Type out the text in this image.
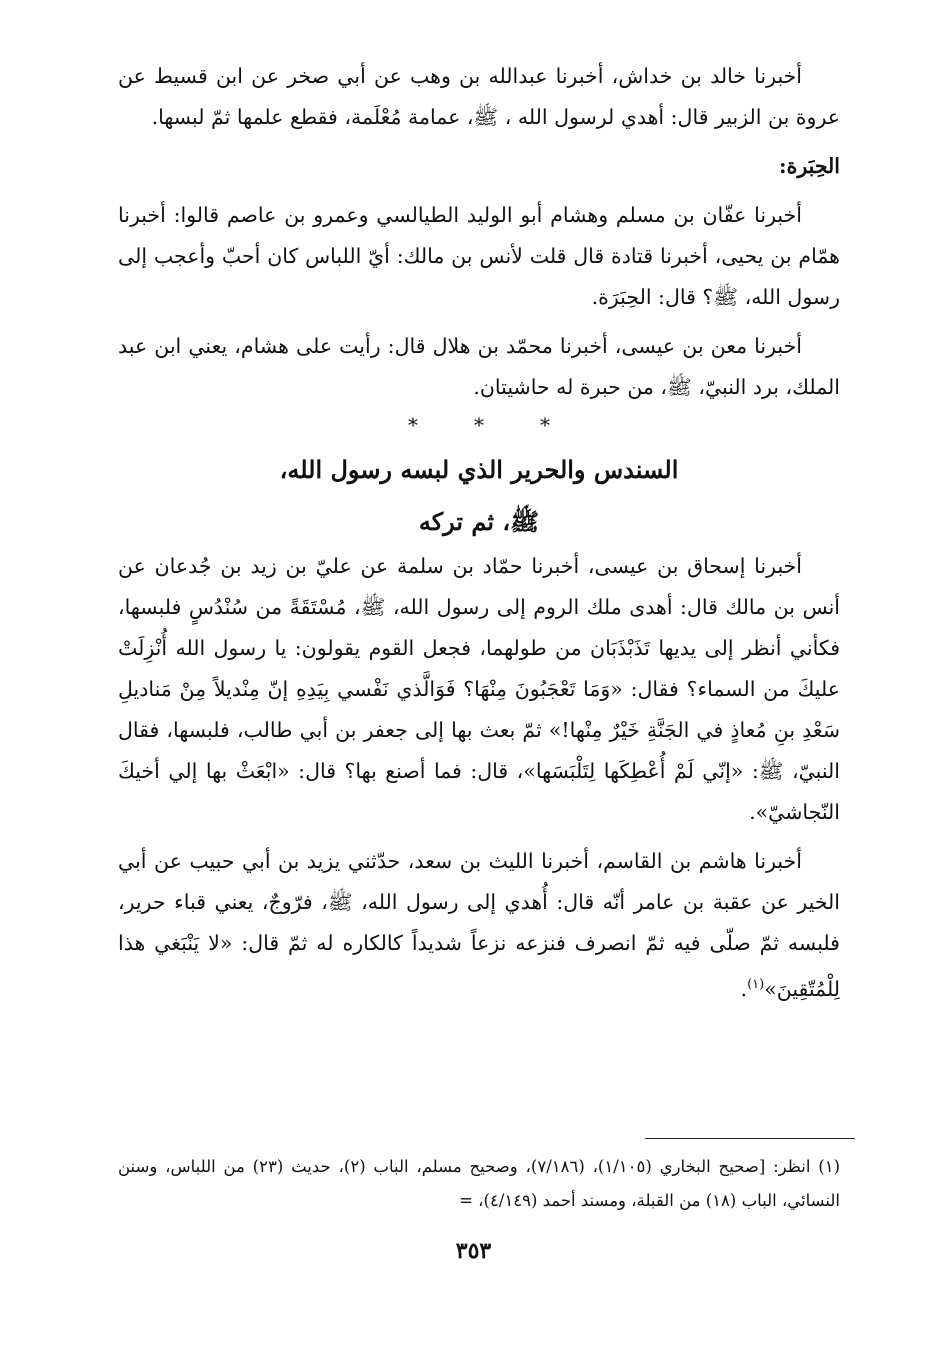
أخبرنا خالد بن خداش، أخبرنا عبدالله بن وهب عن أبي صخر عن ابن قسيط عن عروة بن الزبير قال: أهدي لرسول الله ، ﷺ، عمامة مُعْلَمة، فقطع علمها ثمّ لبسها.

الحِبَرة:

أخبرنا عفّان بن مسلم وهشام أبو الوليد الطيالسي وعمرو بن عاصم قالوا: أخبرنا همّام بن يحيى، أخبرنا قتادة قال قلت لأنس بن مالك: أيّ اللباس كان أحبّ وأعجب إلى رسول الله، ﷺ؟ قال: الحِبَرَة.

أخبرنا معن بن عيسى، أخبرنا محمّد بن هلال قال: رأيت على هشام، يعني ابن عبد الملك، برد النبيّ، ﷺ، من حبرة له حاشيتان.

*	*	*
السندس والحرير الذي لبسه رسول الله،
ﷺ، ثم تركه

أخبرنا إسحاق بن عيسى، أخبرنا حمّاد بن سلمة عن عليّ بن زيد بن جُدعان عن أنس بن مالك قال: أهدى ملك الروم إلى رسول الله، ﷺ، مُسْتَقَةً من سُنْدُسٍ فلبسها، فكأني أنظر إلى يديها تَذَبْذَبَان من طولهما، فجعل القوم يقولون: يا رسول الله أُنْزِلَتْ عليكَ من السماء؟ فقال: «وَمَا تَعْجَبُونَ مِنْهَا؟ فَوَالَّذي نَفْسي بِيَدِهِ إنّ مِنْديلاً مِنْ مَناديلِ سَعْدِ بنِ مُعاذٍ في الجَنَّةِ خَيْرٌ مِنْها!» ثمّ بعث بها إلى جعفر بن أبي طالب، فلبسها، فقال النبيّ، ﷺ: «إنّي لَمْ أُعْطِكَها لِتَلْبَسَها»، قال: فما أصنع بها؟ قال: «ابْعَثْ بها إلي أخيكَ النّجاشيّ».

أخبرنا هاشم بن القاسم، أخبرنا الليث بن سعد، حدّثني يزيد بن أبي حبيب عن أبي الخير عن عقبة بن عامر أنّه قال: أُهدي إلى رسول الله، ﷺ، فرّوجٌ، يعني قباء حرير، فلبسه ثمّ صلّى فيه ثمّ انصرف فنزعه نزعاً شديداً كالكاره له ثمّ قال: «لا يَنْبَغي هذا لِلْمُتّقِينَ»$^{(١)}$.

(١) انظر: [صحيح البخاري (١/١٠٥)، (٧/١٨٦)، وصحيح مسلم، الباب (٢)، حديث (٢٣) من اللباس، وسنن النسائي، الباب (١٨) من القبلة، ومسند أحمد (٤/١٤٩)، =
٣٥٣
